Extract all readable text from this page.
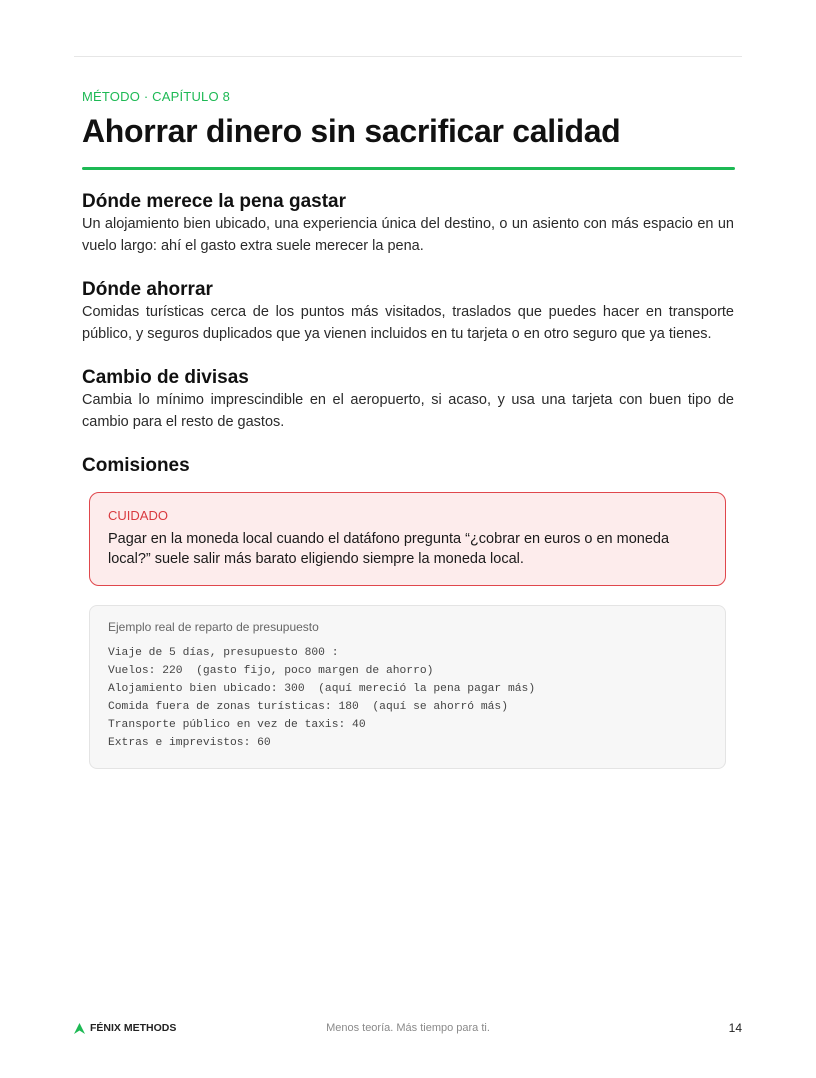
MÉTODO · CAPÍTULO 8

Ahorrar dinero sin sacrificar calidad
Dónde merece la pena gastar

Un alojamiento bien ubicado, una experiencia única del destino, o un asiento con más espacio en un vuelo largo: ahí el gasto extra suele merecer la pena.

Dónde ahorrar

Comidas turísticas cerca de los puntos más visitados, traslados que puedes hacer en transporte público, y seguros duplicados que ya vienen incluidos en tu tarjeta o en otro seguro que ya tienes.

Cambio de divisas

Cambia lo mínimo imprescindible en el aeropuerto, si acaso, y usa una tarjeta con buen tipo de cambio para el resto de gastos.

Comisiones

CUIDADO

Pagar en la moneda local cuando el datáfono pregunta “¿cobrar en euros o en moneda local?” suele salir más barato eligiendo siempre la moneda local.

Ejemplo real de reparto de presupuesto

Viaje de 5 días, presupuesto 800 :
Vuelos: 220  (gasto fijo, poco margen de ahorro)
Alojamiento bien ubicado: 300  (aquí mereció la pena pagar más)
Comida fuera de zonas turísticas: 180  (aquí se ahorró más)
Transporte público en vez de taxis: 40
Extras e imprevistos: 60
FÉNIX METHODS	Menos teoría. Más tiempo para ti.	14
